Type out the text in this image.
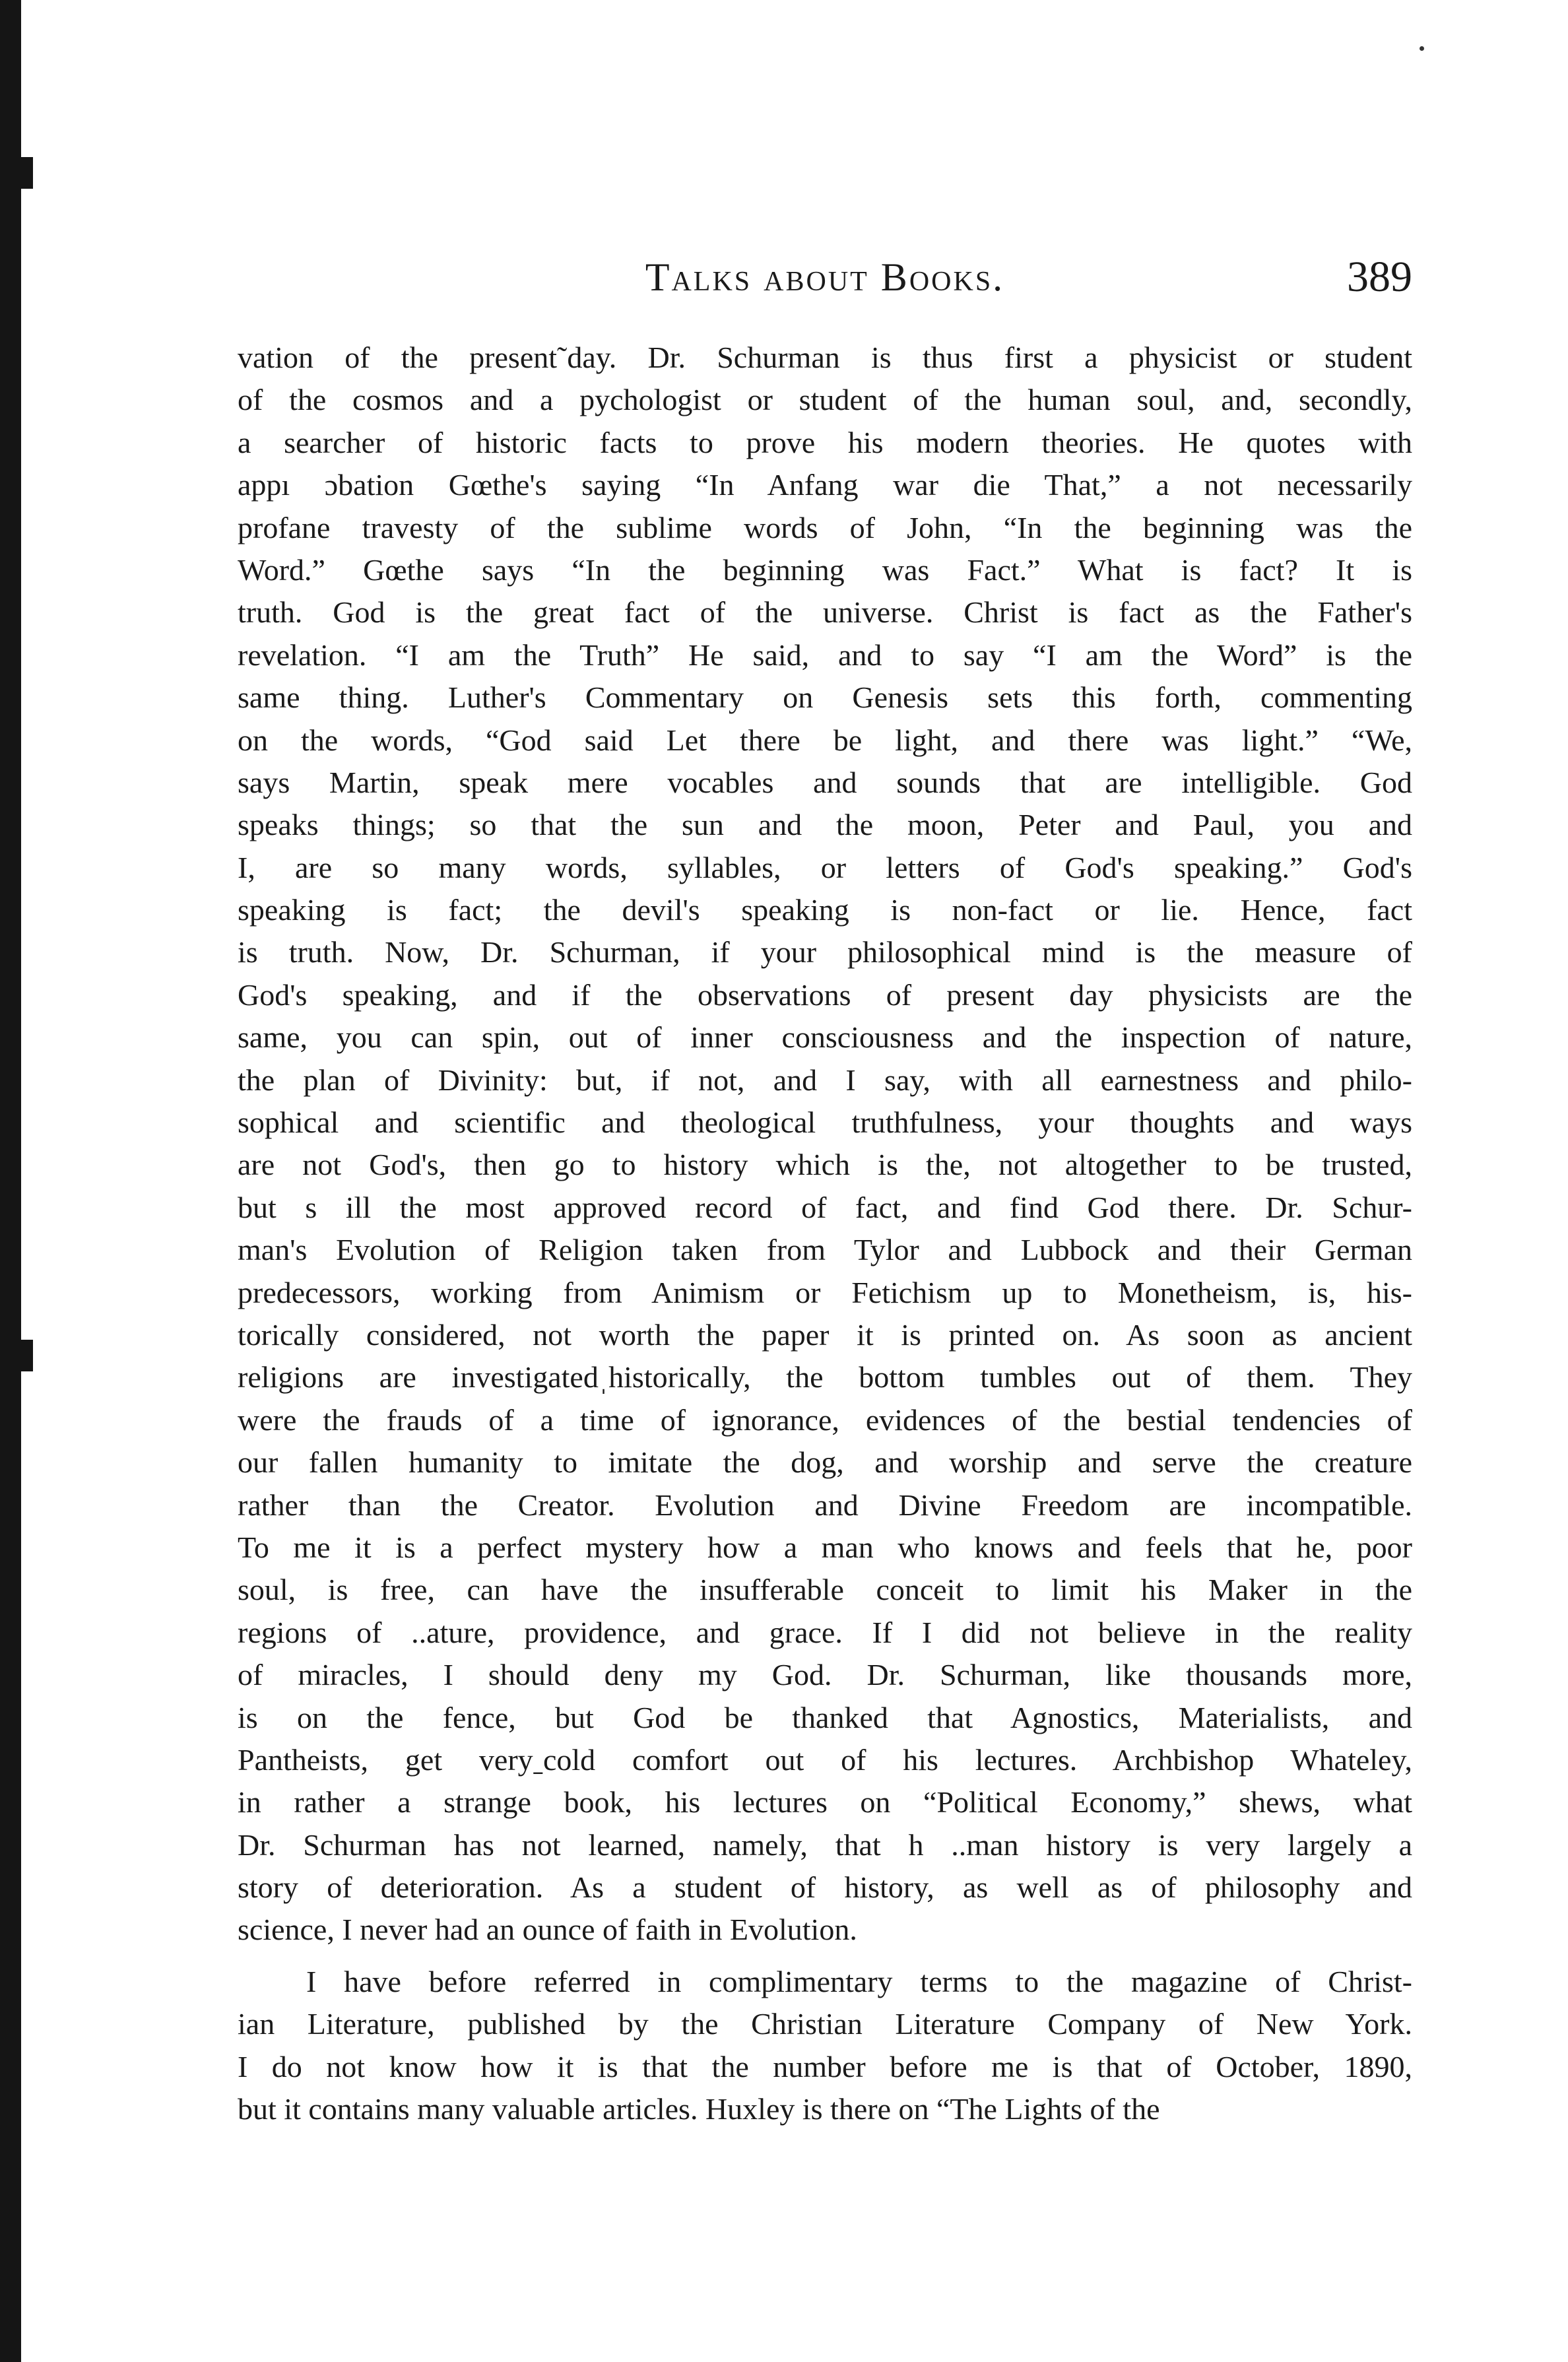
Talks about Books.	389
vation of the present˜day. Dr. Schurman is thus first a physicist or student
of the cosmos and a pychologist or student of the human soul, and, secondly,
a searcher of historic facts to prove his modern theories. He quotes with
appı ɔbation Gœthe's saying “In Anfang war die That,” a not necessarily
profane travesty of the sublime words of John, “In the beginning was the
Word.” Gœthe says “In the beginning was Fact.” What is fact? It is
truth. God is the great fact of the universe. Christ is fact as the Father's
revelation. “I am the Truth” He said, and to say “I am the Word” is the
same thing. Luther's Commentary on Genesis sets this forth, commenting
on the words, “God said Let there be light, and there was light.” “We,
says Martin, speak mere vocables and sounds that are intelligible. God
speaks things; so that the sun and the moon, Peter and Paul, you and
I, are so many words, syllables, or letters of God's speaking.” God's
speaking is fact; the devil's speaking is non-fact or lie. Hence, fact
is truth. Now, Dr. Schurman, if your philosophical mind is the measure of
God's speaking, and if the observations of present day physicists are the
same, you can spin, out of inner consciousness and the inspection of nature,
the plan of Divinity: but, if not, and I say, with all earnestness and philo-
sophical and scientific and theological truthfulness, your thoughts and ways
are not God's, then go to history which is the, not altogether to be trusted,
but s ill the most approved record of fact, and find God there. Dr. Schur-
man's Evolution of Religion taken from Tylor and Lubbock and their German
predecessors, working from Animism or Fetichism up to Monetheism, is, his-
torically considered, not worth the paper it is printed on. As soon as ancient
religions are investigatedˌhistorically, the bottom tumbles out of them. They
were the frauds of a time of ignorance, evidences of the bestial tendencies of
our fallen humanity to imitate the dog, and worship and serve the creature
rather than the Creator. Evolution and Divine Freedom are incompatible.
To me it is a perfect mystery how a man who knows and feels that he, poor
soul, is free, can have the insufferable conceit to limit his Maker in the
regions of ..ature, providence, and grace. If I did not believe in the reality
of miracles, I should deny my God. Dr. Schurman, like thousands more,
is on the fence, but God be thanked that Agnostics, Materialists, and
Pantheists, get veryˍcold comfort out of his lectures. Archbishop Whateley,
in rather a strange book, his lectures on “Political Economy,” shews, what
Dr. Schurman has not learned, namely, that h ..man history is very largely a
story of deterioration. As a student of history, as well as of philosophy and
science, I never had an ounce of faith in Evolution.
I have before referred in complimentary terms to the magazine of Christ-
ian Literature, published by the Christian Literature Company of New York.
I do not know how it is that the number before me is that of October, 1890,
but it contains many valuable articles. Huxley is there on “The Lights of the
